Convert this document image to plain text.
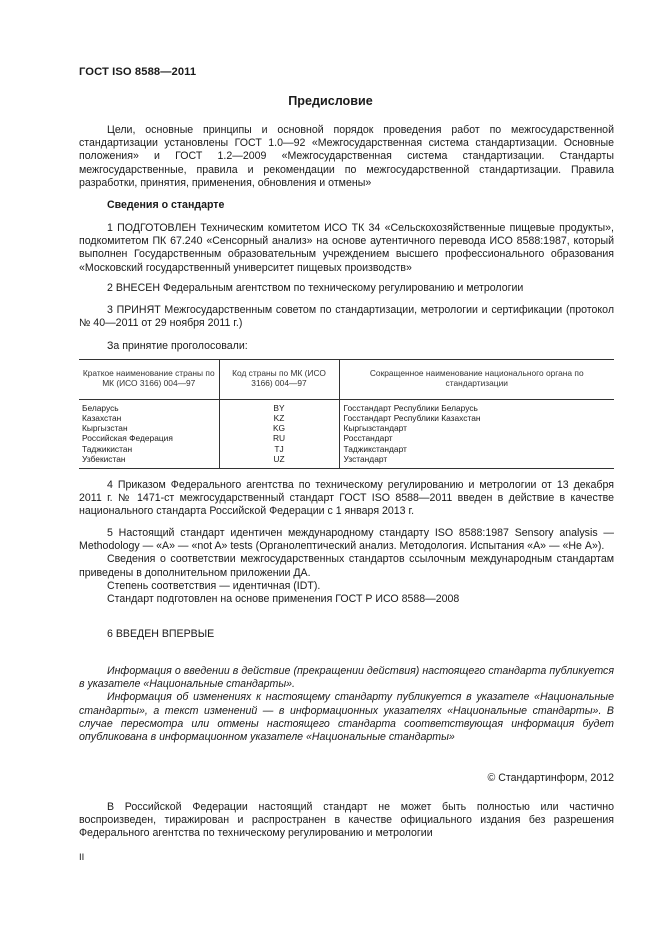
ГОСТ ISO 8588—2011
Предисловие

Цели, основные принципы и основной порядок проведения работ по межгосударственной стандартизации установлены ГОСТ 1.0—92 «Межгосударственная система стандартизации. Основные положения» и ГОСТ 1.2—2009 «Межгосударственная система стандартизации. Стандарты межгосударственные, правила и рекомендации по межгосударственной стандартизации. Правила разработки, принятия, применения, обновления и отмены»

Сведения о стандарте

1 ПОДГОТОВЛЕН Техническим комитетом ИСО ТК 34 «Сельскохозяйственные пищевые продукты», подкомитетом ПК 67.240 «Сенсорный анализ» на основе аутентичного перевода ИСО 8588:1987, который выполнен Государственным образовательным учреждением высшего профессионального образования «Московский государственный университет пищевых производств»

2 ВНЕСЕН Федеральным агентством по техническому регулированию и метрологии

3 ПРИНЯТ Межгосударственным советом по стандартизации, метрологии и сертификации (протокол № 40—2011 от 29 ноября 2011 г.)

За принятие проголосовали:
Краткое наименование страны по МК (ИСО 3166) 004—97	Код страны по МК (ИСО 3166) 004—97	Сокращенное наименование национального органа по стандартизации
Беларусь	BY	Госстандарт Республики Беларусь
Казахстан	KZ	Госстандарт Республики Казахстан
Кыргызстан	KG	Кыргызстандарт
Российская Федерация	RU	Росстандарт
Таджикистан	TJ	Таджикстандарт
Узбекистан	UZ	Узстандарт

4 Приказом Федерального агентства по техническому регулированию и метрологии от 13 декабря 2011 г. № 1471-ст межгосударственный стандарт ГОСТ ISO 8588—2011 введен в действие в качестве национального стандарта Российской Федерации с 1 января 2013 г.

5 Настоящий стандарт идентичен международному стандарту ISO 8588:1987 Sensory analysis — Methodology — «A» — «not A» tests (Органолептический анализ. Методология. Испытания «А» — «Не А»).

Сведения о соответствии межгосударственных стандартов ссылочным международным стандартам приведены в дополнительном приложении ДА.

Степень соответствия — идентичная (IDT).

Стандарт подготовлен на основе применения ГОСТ Р ИСО 8588—2008

6 ВВЕДЕН ВПЕРВЫЕ

Информация о введении в действие (прекращении действия) настоящего стандарта публикуется в указателе «Национальные стандарты».

Информация об изменениях к настоящему стандарту публикуется в указателе «Национальные стандарты», а текст изменений — в информационных указателях «Национальные стандарты». В случае пересмотра или отмены настоящего стандарта соответствующая информация будет опубликована в информационном указателе «Национальные стандарты»

© Стандартинформ, 2012

В Российской Федерации настоящий стандарт не может быть полностью или частично воспроизведен, тиражирован и распространен в качестве официального издания без разрешения Федерального агентства по техническому регулированию и метрологии

II
